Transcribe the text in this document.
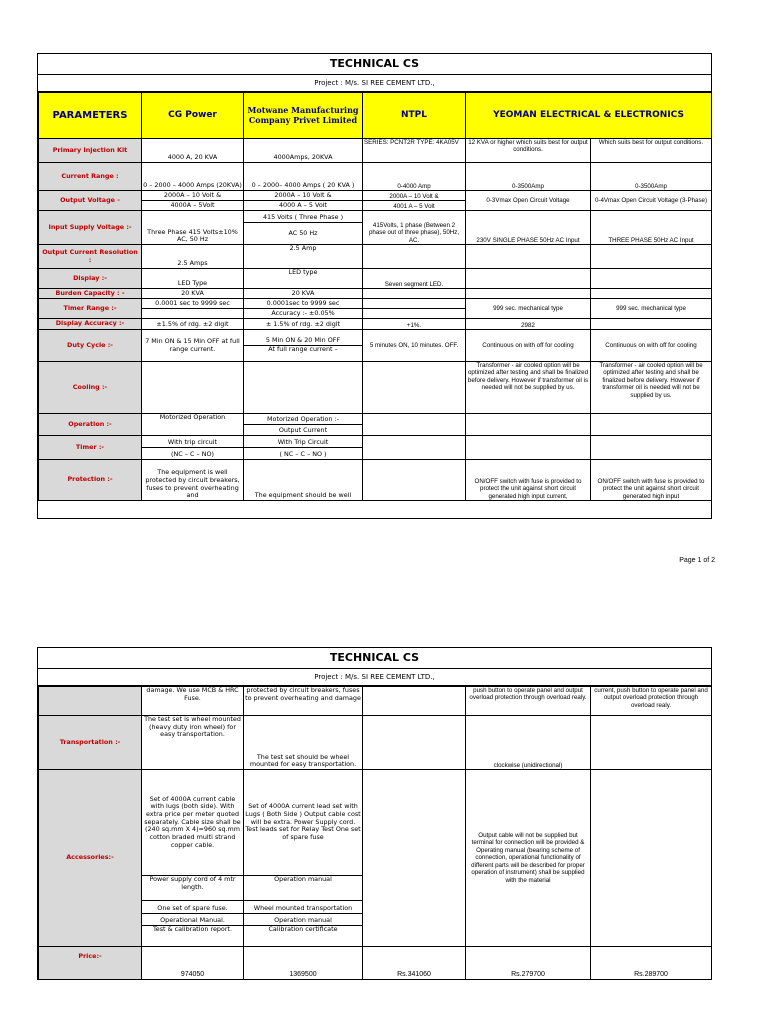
TECHNICAL CS
Project : M/s. SI REE CEMENT LTD.,
PARAMETERS	CG Power	Motwane Manufacturing Company Privet Limited	NTPL	YEOMAN ELECTRICAL & ELECTRONICS	
Primary Injection Kit	4000 A, 20 KVA	4000Amps, 20KVA	SERIES: PCNT2R TYPE: 4KA05V	12 KVA or higher which suits best for output conditions.	Which suits best for output conditions.
Current Range :	0 – 2000 – 4000 Amps (20KVA)	0 – 2000– 4000 Amps ( 20 KVA )	0-4000 Amp	0-3500Amp	0-3500Amp
Output Voltage -	2000A – 10 Volt &	2000A – 10 Volt &	2000A – 10 Volt &	0-3Vmax Open Circuit Voltage	0-4Vmax Open Circuit Voltage (3-Phase)
	4000A – 5Volt	4000 A – 5 Volt	4001 A – 5 Volt		
Input Supply Voltage :-	Three Phase 415 Volts±10% AC, 50 Hz	415 Volts ( Three Phase )	415Volts, 1 phase (Between 2 phase out of three phase), 50Hz, AC.	230V SINGLE PHASE 50Hz AC Input	THREE PHASE 50Hz AC Input
		AC 50 Hz			
Output Current Resolution :	2.5 Amps	2.5 Amp			
Display :-	LED Type	LED type	Seven segment LED.		
Burden Capacity : -	20 KVA	20 KVA			
Timer Range :-	0.0001 sec to 9999 sec	0.0001sec to 9999 sec		999 sec. mechanical type	999 sec. mechanical type
		Accuracy :- ±0.05%			
Display Accuracy :-	±1.5% of rdg. ±2 digit	± 1.5% of rdg. ±2 digit	+1%.	2982	
Duty Cycle :-	7 Min ON & 15 Min OFF at full range current.	5 Min ON & 20 Min OFF	5 minutes ON, 10 minutes. OFF.	Continuous on with off for cooling	Continuous on with off for cooling
		At full range current –			
Cooling :-				Transformer - air cooled option will be optimized after testing and shall be finalized before delivery. However if transformer oil is needed will not be supplied by us.	Transformer - air cooled option will be optimized after testing and shall be finalized before delivery. However if transformer oil is needed will not be supplied by us.
Operation :-	Motorized Operation	Motorized Operation :-			
		Output Current			
Timer :-	With trip circuit	With Trip Circuit			
	(NC – C – NO)	( NC – C – NO )			
Protection :-	The equipment is well protected by circuit breakers, fuses to prevent overheating and	The equipment should be well		ON/OFF switch with fuse is provided to protect the unit against short circuit generated high input current,	ON/OFF switch with fuse is provided to protect the unit against short circuit generated high input
Page 1 of 2
TECHNICAL CS
Project : M/s. SI REE CEMENT LTD.,
	damage. We use MCB & HRC Fuse.	protected by circuit breakers, fuses to prevent overheating and damage		push button to operate panel and output overload protection through overload realy.	current, push button to operate panel and output overload protection through overload realy.
Transportation :-	The test set is wheel mounted (heavy duty iron wheel) for easy transportation.	The test set should be wheel mounted for easy transportation.		clockwise (unidirectional)	
Accessories:-	Set of 4000A current cable with lugs (both side). With extra price per meter quoted separately. Cable size shall be (240 sq.mm X 4)=960 sq.mm cotton braded multi strand copper cable.	Set of 4000A current lead set with Lugs ( Both Side ) Output cable cost will be extra. Power Supply cord. Test leads set for Relay Test One set of spare fuse		Output cable will not be supplied but terminal for connection will be provided & Operating manual (bearing scheme of connection, operational functionality of different parts will be described for proper operation of instrument) shall be supplied with the material	
	Power supply cord of 4 mtr length.	Operation manual			
	One set of spare fuse.	Wheel mounted transportation			
	Operational Manual.	Operation manual			
	Test & calibration report.	Calibration certificate			
Price:-	974050	1369500	Rs.341060	Rs.279700	Rs.289700
